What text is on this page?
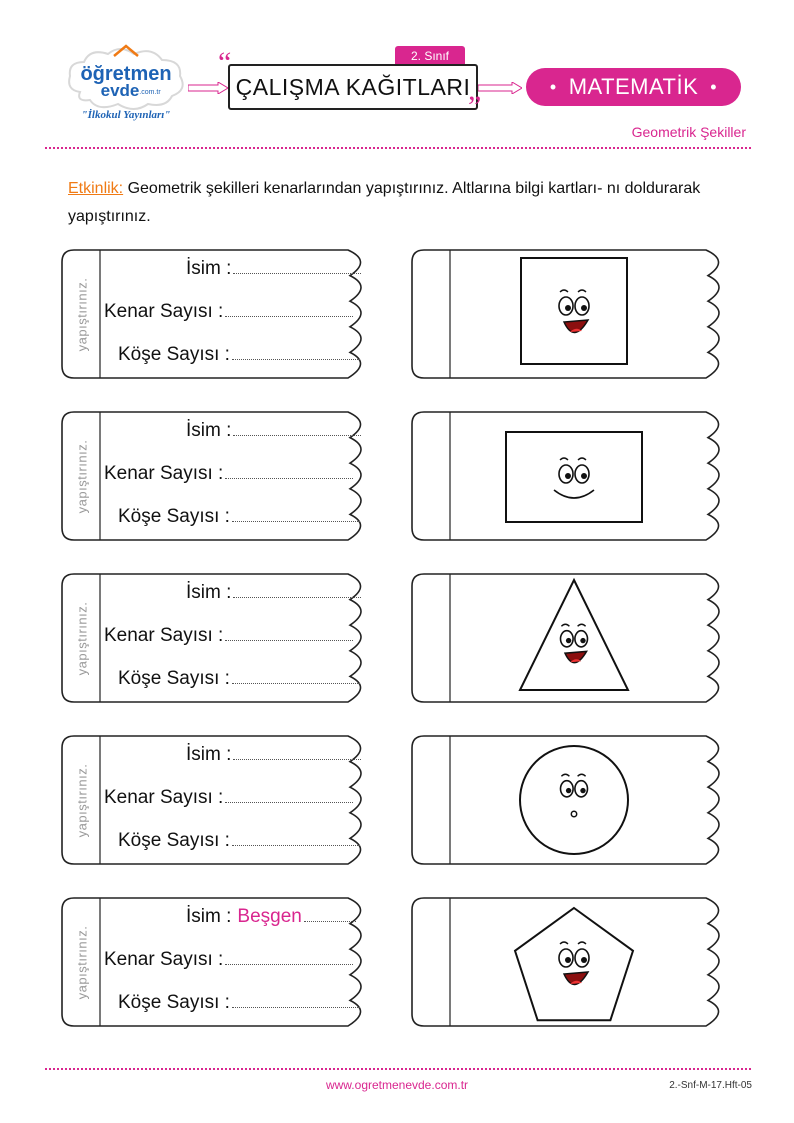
öğretmen
evde .com.tr
"İlkokul Yayınları"
“	2. Sınıf
ÇALIŞMA KAĞITLARI
”
• MATEMATİK •
Geometrik Şekiller
Etkinlik: Geometrik şekilleri kenarlarından yapıştırınız. Altlarına bilgi kartları- nı doldurarak yapıştırınız.
yapıştırınız.
İsim :
Kenar Sayısı :
Köşe Sayısı :
yapıştırınız.
İsim :
Kenar Sayısı :
Köşe Sayısı :
yapıştırınız.
İsim :
Kenar Sayısı :
Köşe Sayısı :
yapıştırınız.
İsim :
Kenar Sayısı :
Köşe Sayısı :
yapıştırınız.
İsim : Beşgen
Kenar Sayısı :
Köşe Sayısı :
www.ogretmenevde.com.tr	2.-Snf-M-17.Hft-05
